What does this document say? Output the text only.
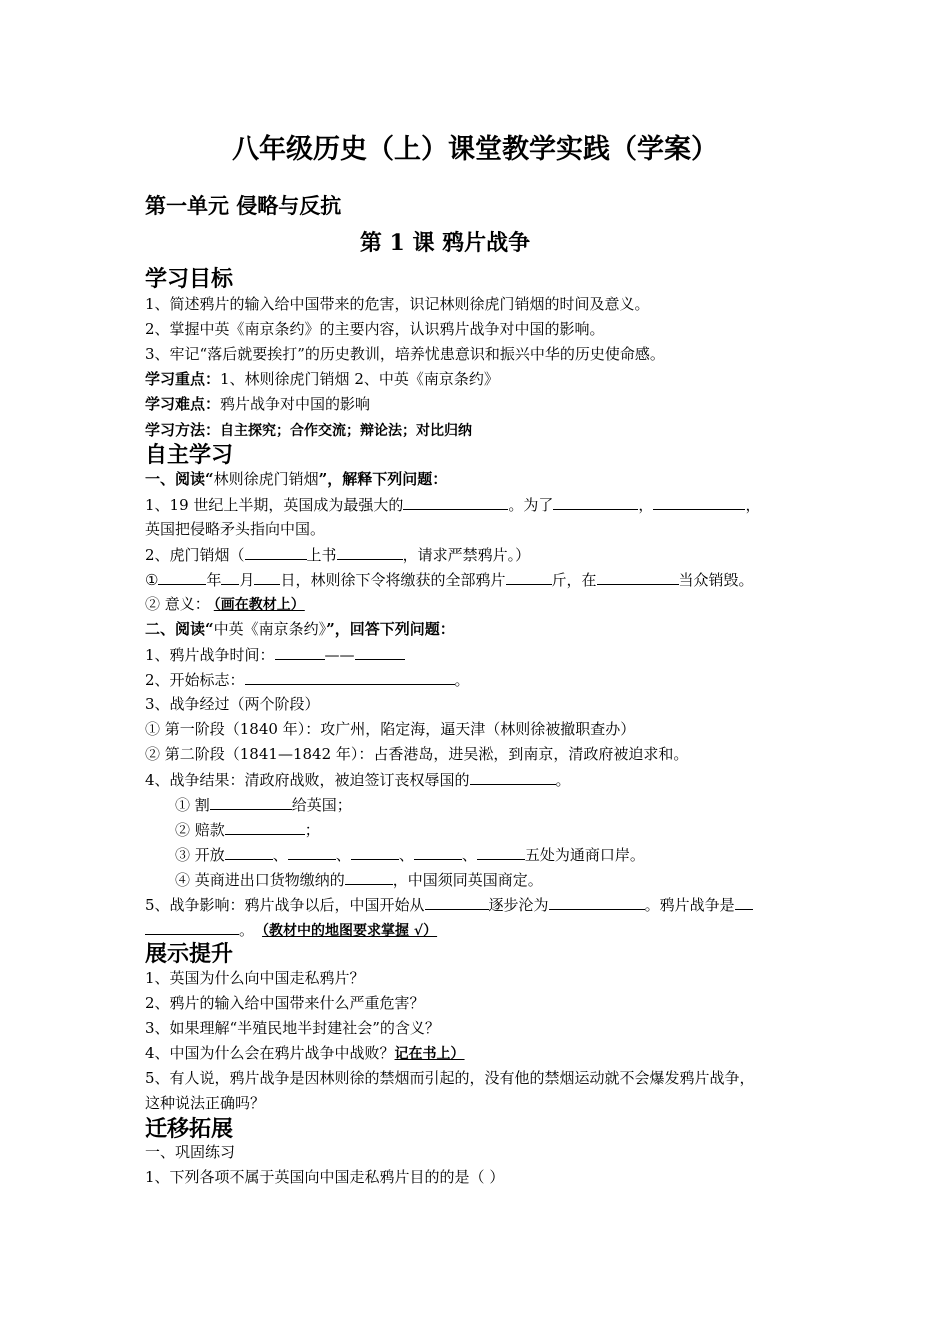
八年级历史（上）课堂教学实践（学案）
第一单元 侵略与反抗
第 1 课 鸦片战争
学习目标
1、简述鸦片的输入给中国带来的危害，识记林则徐虎门销烟的时间及意义。
2、掌握中英《南京条约》的主要内容，认识鸦片战争对中国的影响。
3、牢记“落后就要挨打”的历史教训，培养忧患意识和振兴中华的历史使命感。
学习重点：1、林则徐虎门销烟 2、中英《南京条约》
学习难点：鸦片战争对中国的影响
学习方法：自主探究；合作交流；辩论法；对比归纳
自主学习
一、阅读“林则徐虎门销烟”，解释下列问题：
1、19 世纪上半期，英国成为最强大的	。为了	，	，
英国把侵略矛头指向中国。
2、虎门销烟（	上书	，请求严禁鸦片。）
①	年 月 日，林则徐下令将缴获的全部鸦片	斤，在	当众销毁。
② 意义： （画在教材上）
二、阅读“中英《南京条约》”，回答下列问题：
1、鸦片战争时间：	——
2、开始标志：	。
3、战争经过（两个阶段）
① 第一阶段（1840 年）：攻广州，陷定海，逼天津（林则徐被撤职查办）
② 第二阶段（1841—1842 年）：占香港岛，进吴淞，到南京，清政府被迫求和。
4、战争结果：清政府战败，被迫签订丧权辱国的	。
① 割	给英国；
② 赔款	；
③ 开放	、	、	、	、	五处为通商口岸。
④ 英商进出口货物缴纳的	，中国须同英国商定。
5、战争影响：鸦片战争以后，中国开始从	逐步沦为	。鸦片战争是
。 （教材中的地图要求掌握 √）
展示提升
1、英国为什么向中国走私鸦片？
2、鸦片的输入给中国带来什么严重危害？
3、如果理解“半殖民地半封建社会”的含义？
4、中国为什么会在鸦片战争中战败？记在书上）
5、有人说，鸦片战争是因林则徐的禁烟而引起的，没有他的禁烟运动就不会爆发鸦片战争，
这种说法正确吗？
迁移拓展
一、巩固练习
1、下列各项不属于英国向中国走私鸦片目的的是（ ）
